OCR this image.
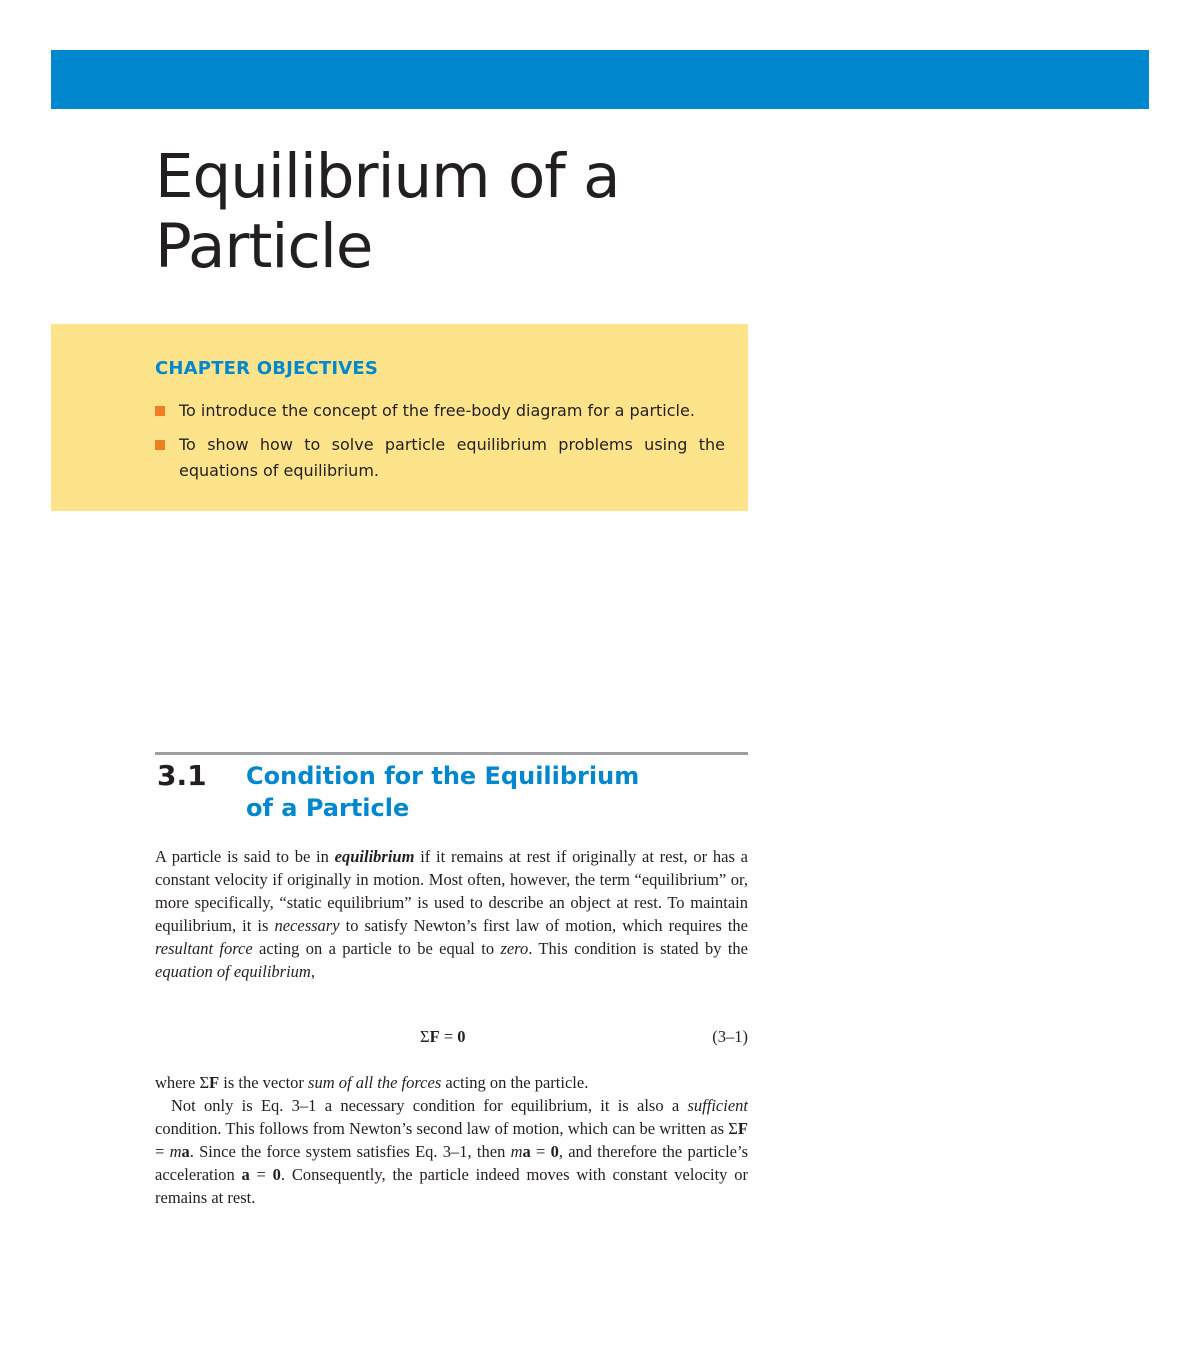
Equilibrium of a
Particle
CHAPTER OBJECTIVES
To introduce the concept of the free-body diagram for a particle.
To show how to solve particle equilibrium problems using the equations of equilibrium.
3.1 Condition for the Equilibrium
of a Particle

A particle is said to be in equilibrium if it remains at rest if originally at rest, or has a constant velocity if originally in motion. Most often, however, the term “equilibrium” or, more specifically, “static equilibrium” is used to describe an object at rest. To maintain equilibrium, it is necessary to satisfy Newton’s first law of motion, which requires the resultant force acting on a particle to be equal to zero. This condition is stated by the equation of equilibrium,

ΣF = 0	(3–1)

where ΣF is the vector sum of all the forces acting on the particle.

Not only is Eq. 3–1 a necessary condition for equilibrium, it is also a sufficient condition. This follows from Newton’s second law of motion, which can be written as ΣF = ma. Since the force system satisfies Eq. 3–1, then ma = 0, and therefore the particle’s acceleration a = 0. Consequently, the particle indeed moves with constant velocity or remains at rest.
